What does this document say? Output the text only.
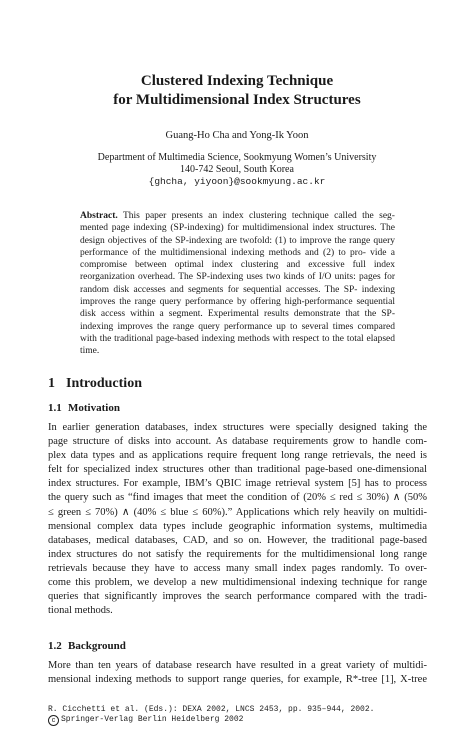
Clustered Indexing Technique
for Multidimensional Index Structures
Guang-Ho Cha and Yong-Ik Yoon
Department of Multimedia Science, Sookmyung Women’s University
140-742 Seoul, South Korea
{ghcha, yiyoon}@sookmyung.ac.kr
Abstract. This paper presents an index clustering technique called the seg- mented page indexing (SP-indexing) for multidimensional index structures. The design objectives of the SP-indexing are twofold: (1) to improve the range query performance of the multidimensional indexing methods and (2) to pro- vide a compromise between optimal index clustering and excessive full index reorganization overhead. The SP-indexing uses two kinds of I/O units: pages for random disk accesses and segments for sequential accesses. The SP- indexing improves the range query performance by offering high-performance sequential disk access within a segment. Experimental results demonstrate that the SP-indexing improves the range query performance up to several times compared with the traditional page-based indexing methods with respect to the total elapsed time.
1 Introduction
1.1 Motivation
In earlier generation databases, index structures were specially designed taking the
page structure of disks into account. As database requirements grow to handle com-
plex data types and as applications require frequent long range retrievals, the need is
felt for specialized index structures other than traditional page-based one-dimensional
index structures. For example, IBM’s QBIC image retrieval system [5] has to process
the query such as “find images that meet the condition of (20% ≤ red ≤ 30%) ∧ (50%
≤ green ≤ 70%) ∧ (40% ≤ blue ≤ 60%).” Applications which rely heavily on multidi-
mensional complex data types include geographic information systems, multimedia
databases, medical databases, CAD, and so on. However, the traditional page-based
index structures do not satisfy the requirements for the multidimensional long range
retrievals because they have to access many small index pages randomly. To over-
come this problem, we develop a new multidimensional indexing technique for range
queries that significantly improves the search performance compared with the tradi-
tional methods.
1.2 Background
More than ten years of database research have resulted in a great variety of multidi-
mensional indexing methods to support range queries, for example, R*-tree [1], X-tree
R. Cicchetti et al. (Eds.): DEXA 2002, LNCS 2453, pp. 935–944, 2002.
c Springer-Verlag Berlin Heidelberg 2002
